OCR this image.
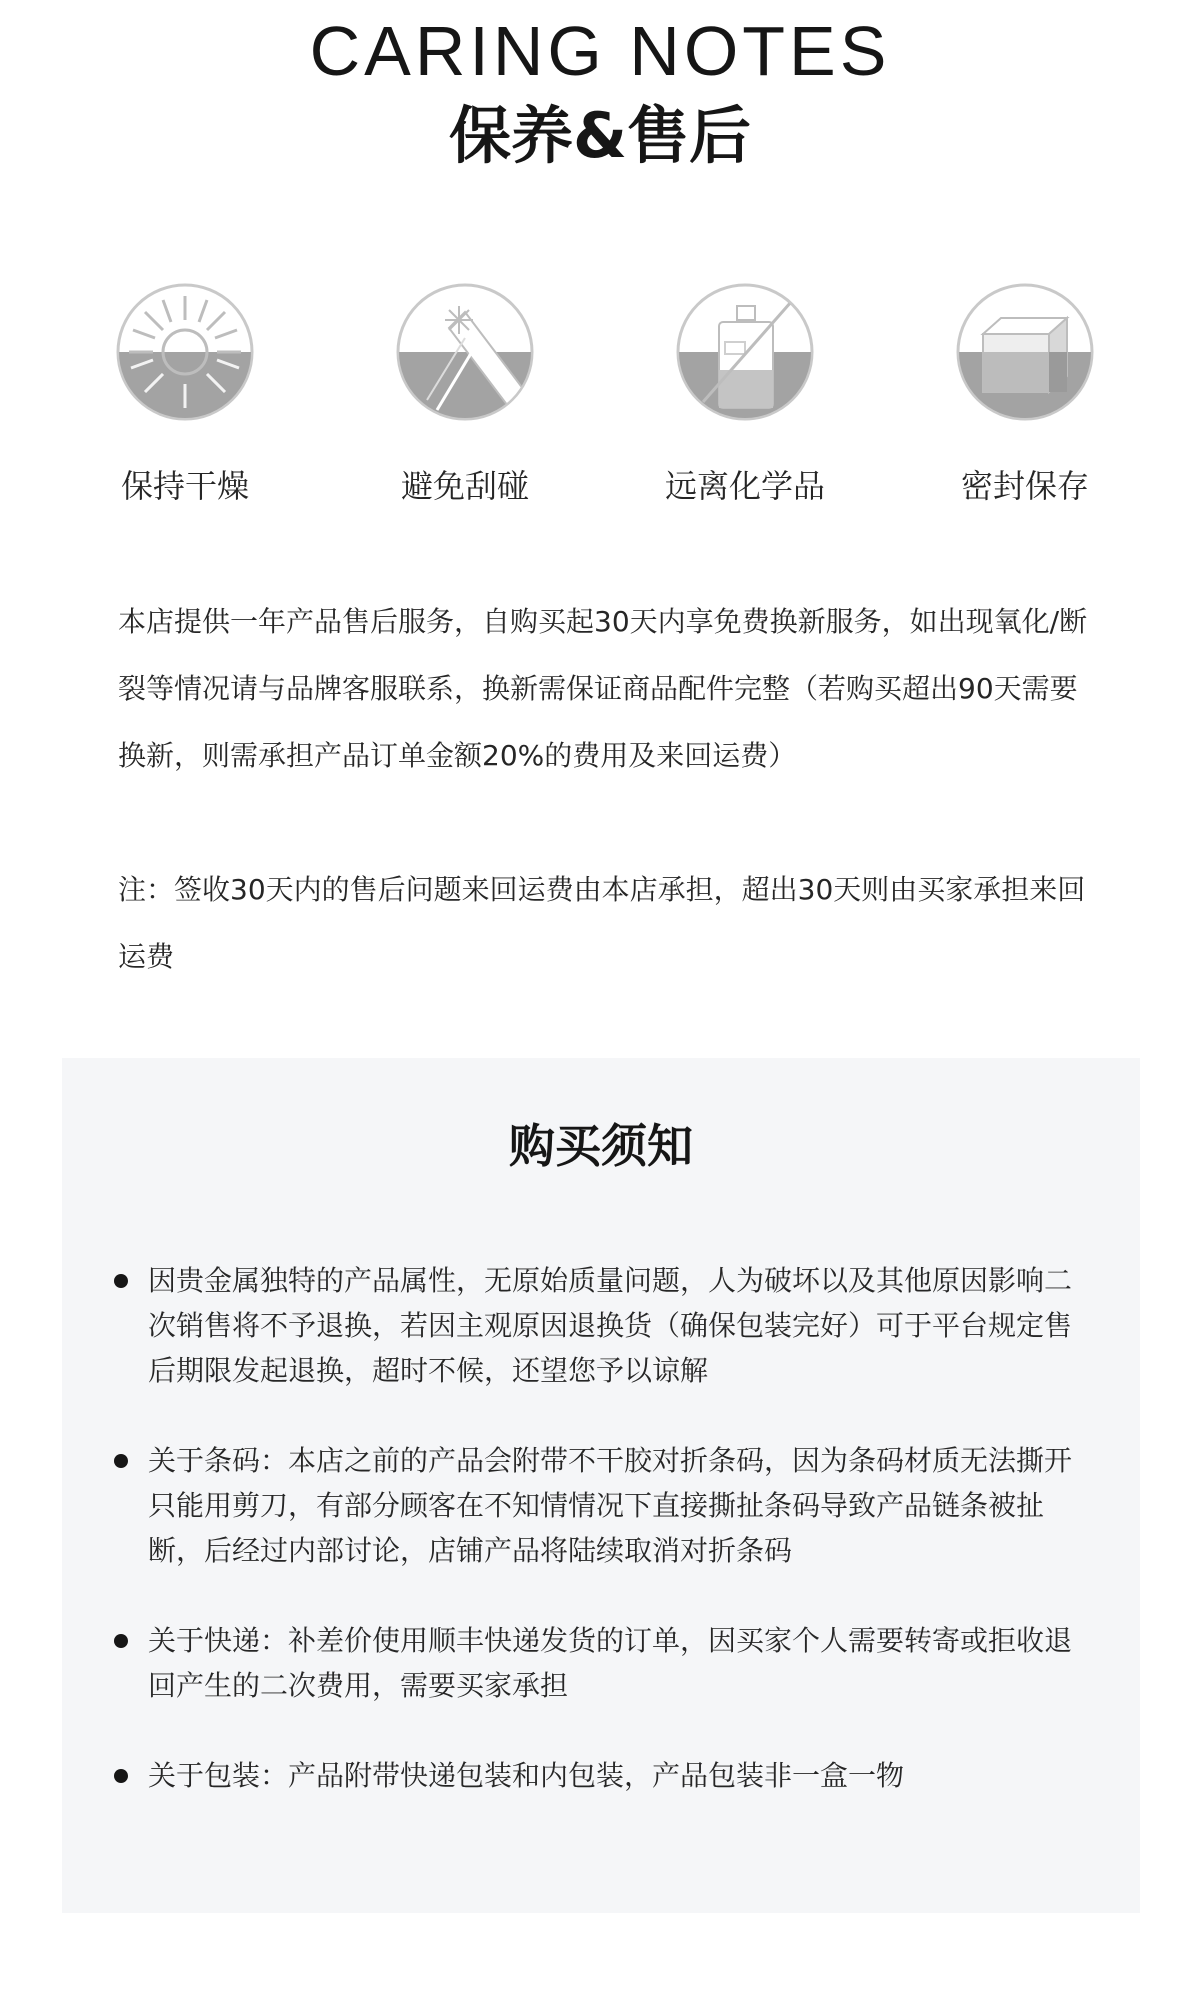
CARING NOTES
保养&售后
保持干燥	避免刮碰	远离化学品	密封保存

本店提供一年产品售后服务，自购买起30天内享免费换新服务，如出现氧化/断裂等情况请与品牌客服联系，换新需保证商品配件完整（若购买超出90天需要换新，则需承担产品订单金额20%的费用及来回运费）

注：签收30天内的售后问题来回运费由本店承担，超出30天则由买家承担来回运费

购买须知
因贵金属独特的产品属性，无原始质量问题，人为破坏以及其他原因影响二次销售将不予退换，若因主观原因退换货（确保包装完好）可于平台规定售后期限发起退换，超时不候，还望您予以谅解
关于条码：本店之前的产品会附带不干胶对折条码，因为条码材质无法撕开只能用剪刀，有部分顾客在不知情情况下直接撕扯条码导致产品链条被扯断，后经过内部讨论，店铺产品将陆续取消对折条码
关于快递：补差价使用顺丰快递发货的订单，因买家个人需要转寄或拒收退回产生的二次费用，需要买家承担
关于包装：产品附带快递包装和内包装，产品包装非一盒一物
